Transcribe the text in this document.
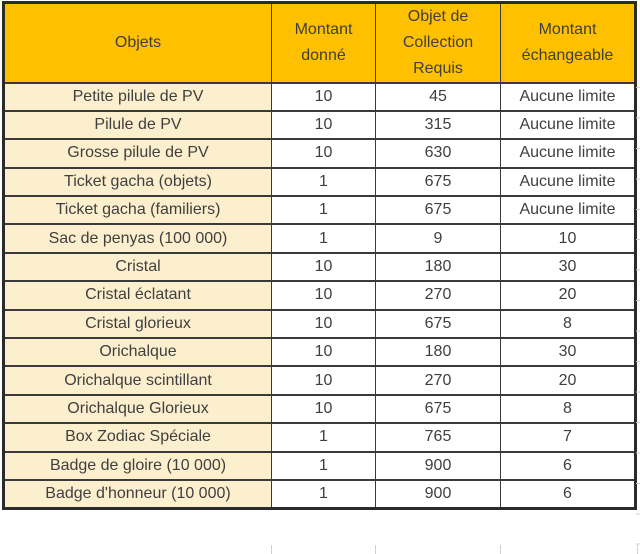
Objets	Montant donné	Objet de Collection Requis	Montant échangeable
Petite pilule de PV	10	45	Aucune limite
Pilule de PV	10	315	Aucune limite
Grosse pilule de PV	10	630	Aucune limite
Ticket gacha (objets)	1	675	Aucune limite
Ticket gacha (familiers)	1	675	Aucune limite
Sac de penyas (100 000)	1	9	10
Cristal	10	180	30
Cristal éclatant	10	270	20
Cristal glorieux	10	675	8
Orichalque	10	180	30
Orichalque scintillant	10	270	20
Orichalque Glorieux	10	675	8
Box Zodiac Spéciale	1	765	7
Badge de gloire (10 000)	1	900	6
Badge d'honneur (10 000)	1	900	6
